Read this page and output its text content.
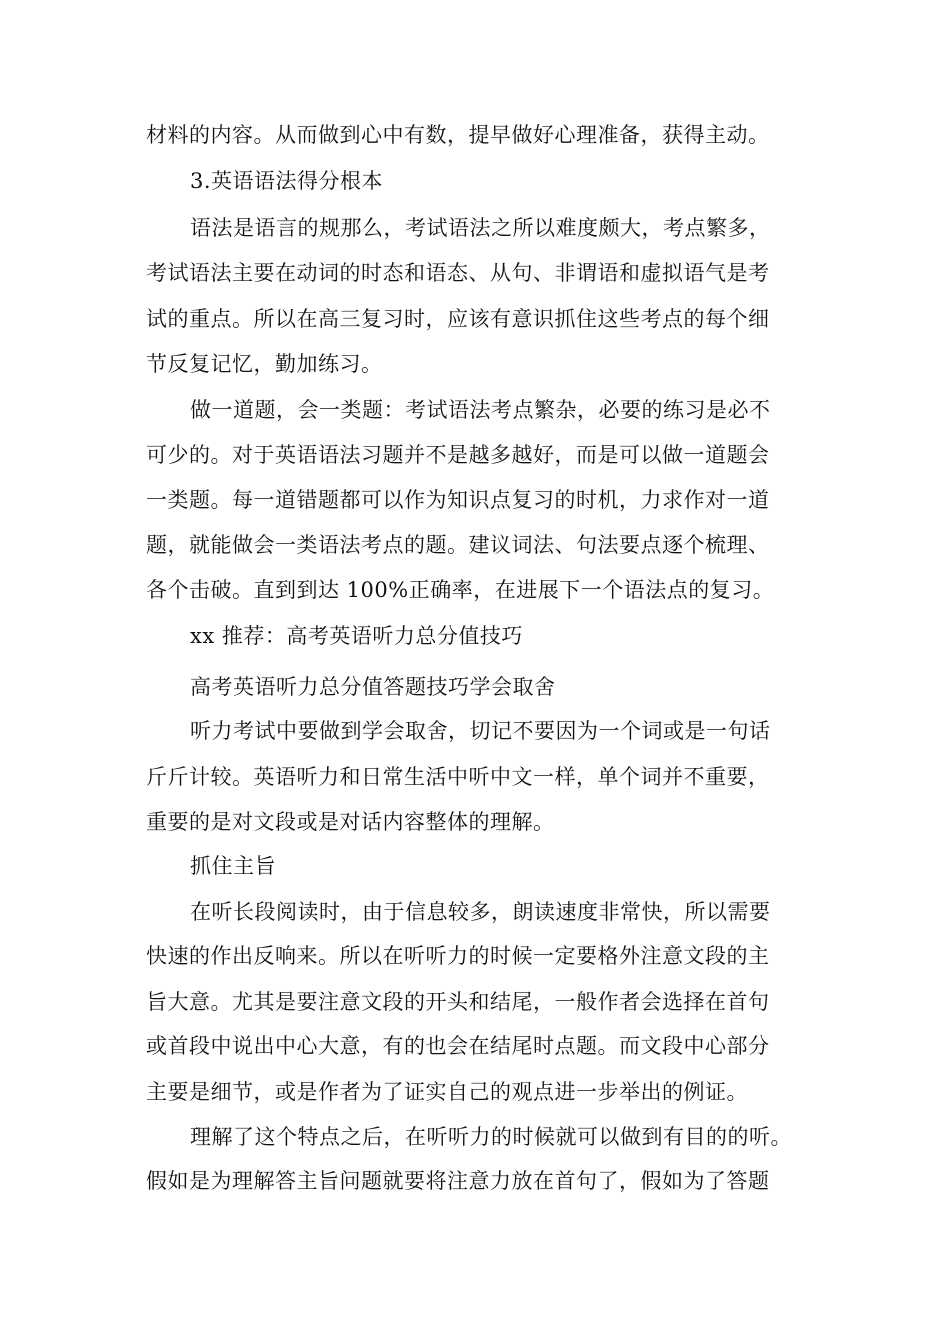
材料的内容。从而做到心中有数，提早做好心理准备，获得主动。
3.英语语法得分根本
语法是语言的规那么，考试语法之所以难度颇大，考点繁多，
考试语法主要在动词的时态和语态、从句、非谓语和虚拟语气是考
试的重点。所以在高三复习时，应该有意识抓住这些考点的每个细
节反复记忆，勤加练习。
做一道题，会一类题：考试语法考点繁杂，必要的练习是必不
可少的。对于英语语法习题并不是越多越好，而是可以做一道题会
一类题。每一道错题都可以作为知识点复习的时机，力求作对一道
题，就能做会一类语法考点的题。建议词法、句法要点逐个梳理、
各个击破。直到到达 100%正确率，在进展下一个语法点的复习。
xx 推荐：高考英语听力总分值技巧
高考英语听力总分值答题技巧学会取舍
听力考试中要做到学会取舍，切记不要因为一个词或是一句话
斤斤计较。英语听力和日常生活中听中文一样，单个词并不重要，
重要的是对文段或是对话内容整体的理解。
抓住主旨
在听长段阅读时，由于信息较多，朗读速度非常快，所以需要
快速的作出反响来。所以在听听力的时候一定要格外注意文段的主
旨大意。尤其是要注意文段的开头和结尾，一般作者会选择在首句
或首段中说出中心大意，有的也会在结尾时点题。而文段中心部分
主要是细节，或是作者为了证实自己的观点进一步举出的例证。
理解了这个特点之后，在听听力的时候就可以做到有目的的听。
假如是为理解答主旨问题就要将注意力放在首句了，假如为了答题
